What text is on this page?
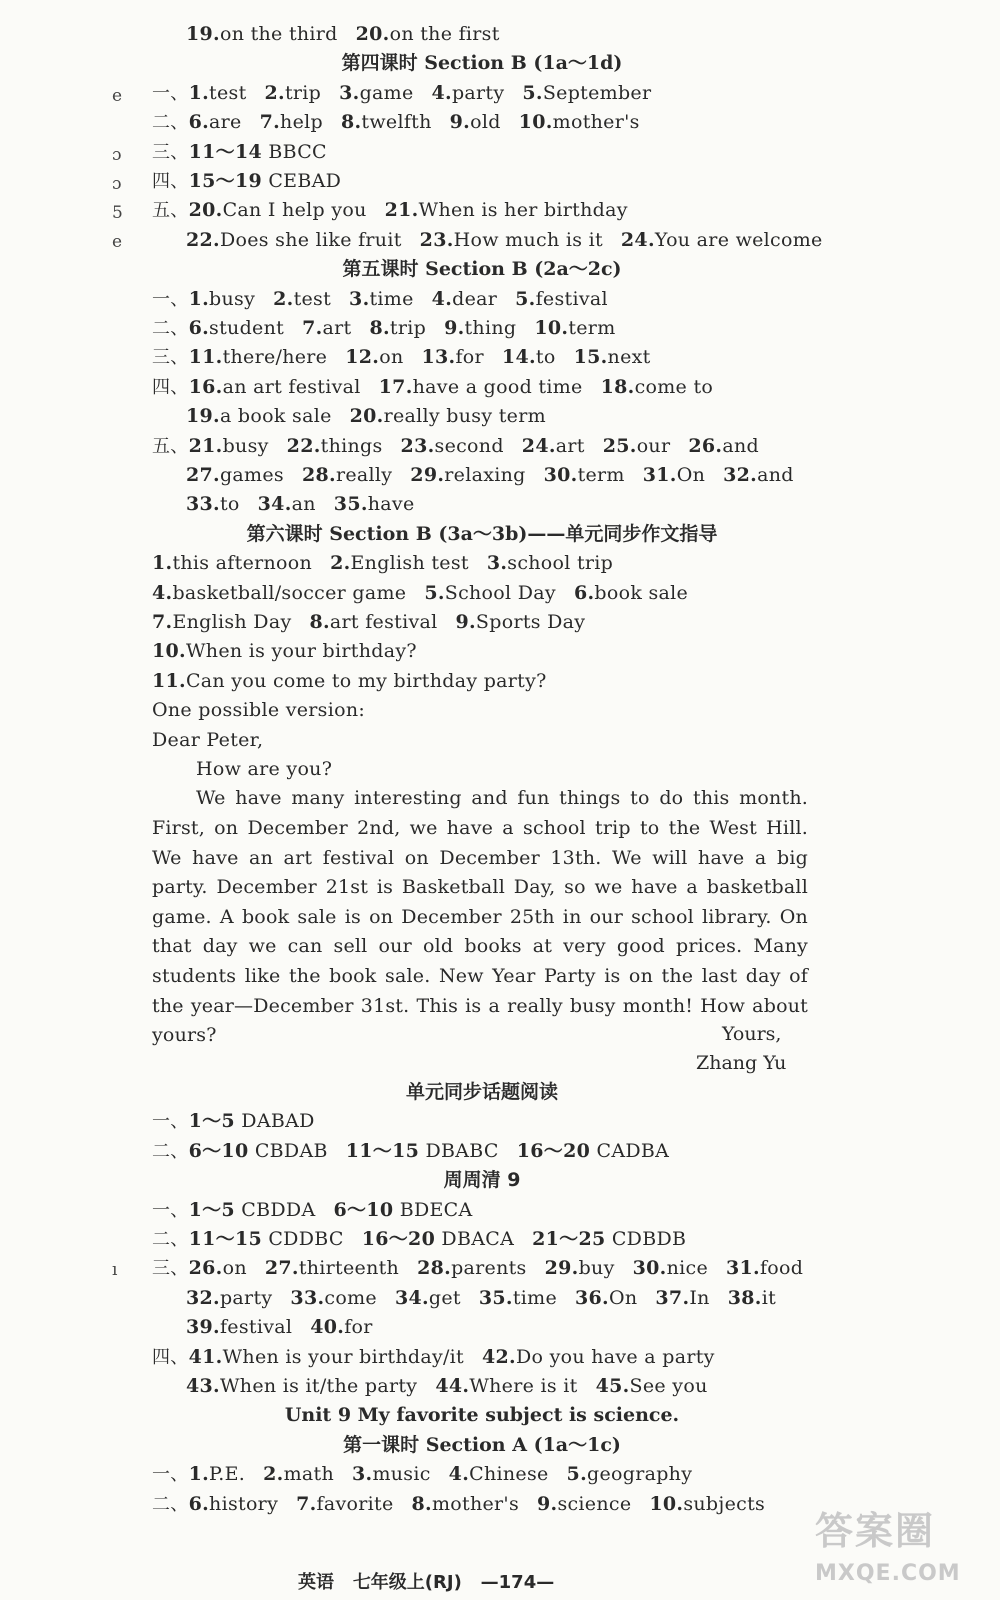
19.on the third 20.on the first
第四课时 Section B (1a～1d)
一、1.test 2.trip 3.game 4.party 5.September
二、6.are 7.help 8.twelfth 9.old 10.mother's
三、11～14 BBCC
四、15～19 CEBAD
五、20.Can I help you 21.When is her birthday
22.Does she like fruit 23.How much is it 24.You are welcome
第五课时 Section B (2a～2c)
一、1.busy 2.test 3.time 4.dear 5.festival
二、6.student 7.art 8.trip 9.thing 10.term
三、11.there/here 12.on 13.for 14.to 15.next
四、16.an art festival 17.have a good time 18.come to
19.a book sale 20.really busy term
五、21.busy 22.things 23.second 24.art 25.our 26.and
27.games 28.really 29.relaxing 30.term 31.On 32.and
33.to 34.an 35.have
第六课时 Section B (3a～3b)——单元同步作文指导
1.this afternoon 2.English test 3.school trip
4.basketball/soccer game 5.School Day 6.book sale
7.English Day 8.art festival 9.Sports Day
10.When is your birthday?
11.Can you come to my birthday party?
One possible version:
Dear Peter,
How are you?
We have many interesting and fun things to do this month. First, on December 2nd, we have a school trip to the West Hill. We have an art festival on December 13th. We will have a big party. December 21st is Basketball Day, so we have a basketball game. A book sale is on December 25th in our school library. On that day we can sell our old books at very good prices. Many students like the book sale. New Year Party is on the last day of the year—December 31st. This is a really busy month! How about yours?	Yours,
Zhang Yu
单元同步话题阅读
一、1～5 DABAD
二、6～10 CBDAB 11～15 DBABC 16～20 CADBA
周周清 9
一、1～5 CBDDA 6～10 BDECA
二、11～15 CDDBC 16～20 DBACA 21～25 CDBDB
三、26.on 27.thirteenth 28.parents 29.buy 30.nice 31.food
32.party 33.come 34.get 35.time 36.On 37.In 38.it
39.festival 40.for
四、41.When is your birthday/it 42.Do you have a party
43.When is it/the party 44.Where is it 45.See you
Unit 9 My favorite subject is science.
第一课时 Section A (1a～1c)
一、1.P.E. 2.math 3.music 4.Chinese 5.geography
二、6.history 7.favorite 8.mother's 9.science 10.subjects
e
ɔ
ɔ
5
e
ı
英语 七年级上(RJ) —174—
答案圈
MXQE.COM
